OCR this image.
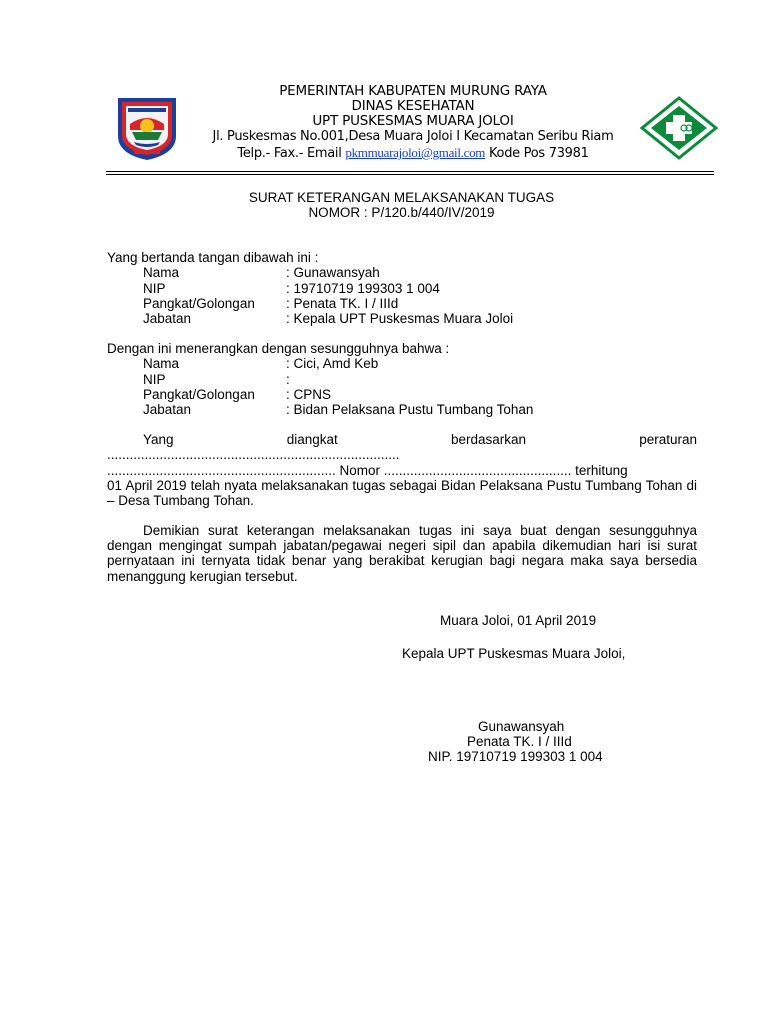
PEMERINTAH KABUPATEN MURUNG RAYA
DINAS KESEHATAN
UPT PUSKESMAS MUARA JOLOI
Jl. Puskesmas No.001,Desa Muara Joloi I Kecamatan Seribu Riam
Telp.- Fax.- Email pkmmuarajoloi@gmail.com Kode Pos 73981
SURAT KETERANGAN MELAKSANAKAN TUGAS
NOMOR : P/120.b/440/IV/2019
Yang bertanda tangan dibawah ini :
Nama	: Gunawansyah
NIP	: 19710719 199303 1 004
Pangkat/Golongan : Penata TK. I / IIId
Jabatan	: Kepala UPT Puskesmas Muara Joloi
Dengan ini menerangkan dengan sesungguhnya bahwa :
Nama	: Cici, Amd Keb
NIP	:
Pangkat/Golongan : CPNS
Jabatan	: Bidan Pelaksana Pustu Tumbang Tohan
Yang	diangkat	berdasarkan	peraturan
..............................................................................
............................................................. Nomor .................................................. terhitung
01 April 2019 telah nyata melaksanakan tugas sebagai Bidan Pelaksana Pustu Tumbang Tohan di – Desa Tumbang Tohan.
Demikian surat keterangan melaksanakan tugas ini saya buat dengan sesungguhnya dengan mengingat sumpah jabatan/pegawai negeri sipil dan apabila dikemudian hari isi surat pernyataan ini ternyata tidak benar yang berakibat kerugian bagi negara maka saya bersedia menanggung kerugian tersebut.
Muara Joloi, 01 April 2019
Kepala UPT Puskesmas Muara Joloi,
Gunawansyah
Penata TK. I / IIId
NIP. 19710719 199303 1 004
